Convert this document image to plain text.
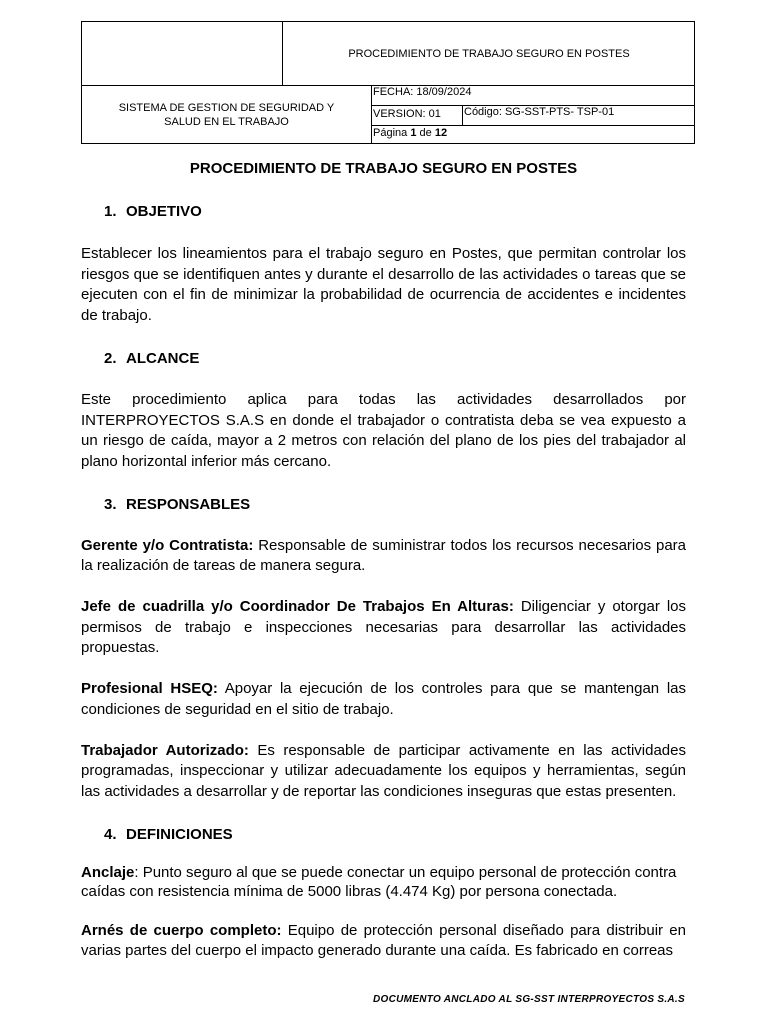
PROCEDIMIENTO DE TRABAJO SEGURO EN POSTES
SISTEMA DE GESTION DE SEGURIDAD Y SALUD EN EL TRABAJO
FECHA: 18/09/2024
VERSION: 01	Código: SG-SST-PTS- TSP-01
Página 1 de 12

PROCEDIMIENTO DE TRABAJO SEGURO EN POSTES

1. OBJETIVO

Establecer los lineamientos para el trabajo seguro en Postes, que permitan controlar los riesgos que se identifiquen antes y durante el desarrollo de las actividades o tareas que se ejecuten con el fin de minimizar la probabilidad de ocurrencia de accidentes e incidentes de trabajo.

2. ALCANCE

Este procedimiento aplica para todas las actividades desarrollados por INTERPROYECTOS S.A.S en donde el trabajador o contratista deba se vea expuesto a un riesgo de caída, mayor a 2 metros con relación del plano de los pies del trabajador al plano horizontal inferior más cercano.

3. RESPONSABLES

Gerente y/o Contratista: Responsable de suministrar todos los recursos necesarios para la realización de tareas de manera segura.

Jefe de cuadrilla y/o Coordinador De Trabajos En Alturas: Diligenciar y otorgar los permisos de trabajo e inspecciones necesarias para desarrollar las actividades propuestas.

Profesional HSEQ: Apoyar la ejecución de los controles para que se mantengan las condiciones de seguridad en el sitio de trabajo.

Trabajador Autorizado: Es responsable de participar activamente en las actividades programadas, inspeccionar y utilizar adecuadamente los equipos y herramientas, según las actividades a desarrollar y de reportar las condiciones inseguras que estas presenten.

4. DEFINICIONES

Anclaje: Punto seguro al que se puede conectar un equipo personal de protección contra caídas con resistencia mínima de 5000 libras (4.474 Kg) por persona conectada.

Arnés de cuerpo completo: Equipo de protección personal diseñado para distribuir en varias partes del cuerpo el impacto generado durante una caída. Es fabricado en correas

DOCUMENTO ANCLADO AL SG-SST INTERPROYECTOS S.A.S
